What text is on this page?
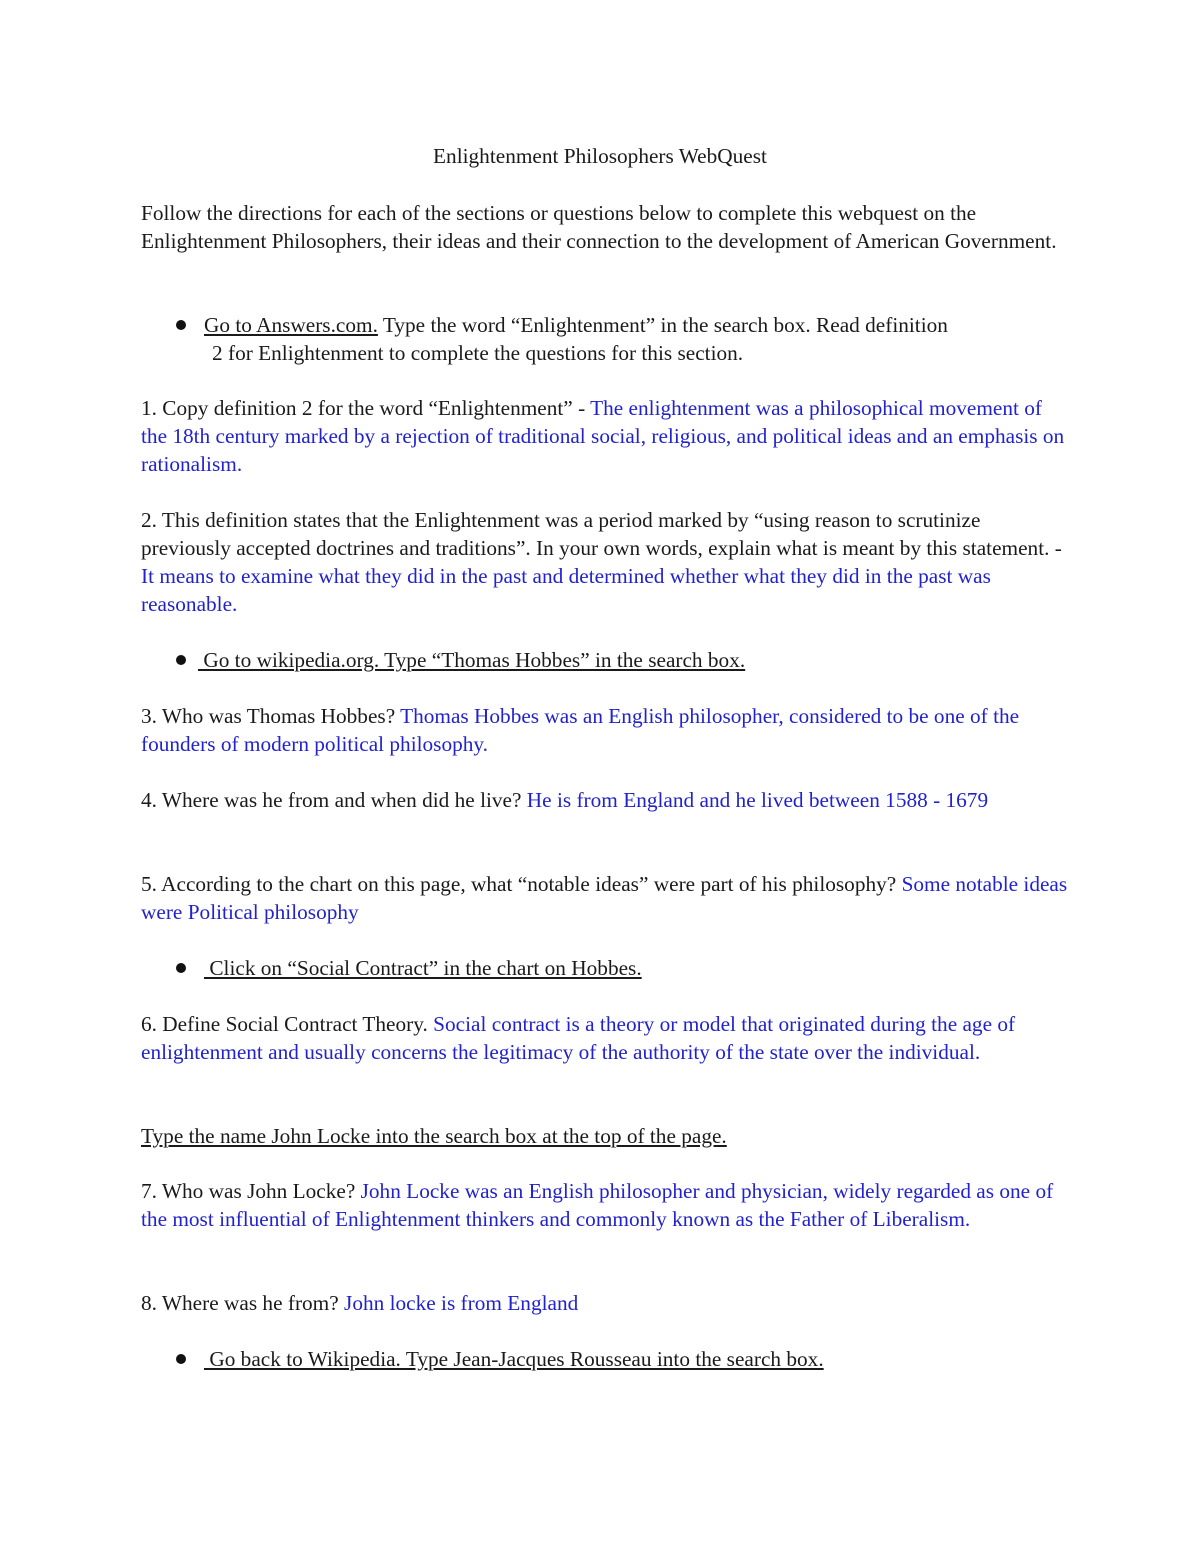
Enlightenment Philosophers WebQuest

Follow the directions for each of the sections or questions below to complete this webquest on the Enlightenment Philosophers, their ideas and their connection to the development of American Government.

Go to Answers.com. Type the word “Enlightenment” in the search box. Read definition

2 for Enlightenment to complete the questions for this section.

1. Copy definition 2 for the word “Enlightenment” - The enlightenment was a philosophical movement of the 18th century marked by a rejection of traditional social, religious, and political ideas and an emphasis on rationalism.

2. This definition states that the Enlightenment was a period marked by “using reason to scrutinize previously accepted doctrines and traditions”. In your own words, explain what is meant by this statement. - It means to examine what they did in the past and determined whether what they did in the past was reasonable.

Go to wikipedia.org. Type “Thomas Hobbes” in the search box.

3. Who was Thomas Hobbes? Thomas Hobbes was an English philosopher, considered to be one of the founders of modern political philosophy.

4. Where was he from and when did he live? He is from England and he lived between 1588 - 1679

5. According to the chart on this page, what “notable ideas” were part of his philosophy? Some notable ideas were Political philosophy

Click on “Social Contract” in the chart on Hobbes.

6. Define Social Contract Theory. Social contract is a theory or model that originated during the age of enlightenment and usually concerns the legitimacy of the authority of the state over the individual.

Type the name John Locke into the search box at the top of the page.

7. Who was John Locke? John Locke was an English philosopher and physician, widely regarded as one of the most influential of Enlightenment thinkers and commonly known as the Father of Liberalism.

8. Where was he from? John locke is from England

Go back to Wikipedia. Type Jean-Jacques Rousseau into the search box.
